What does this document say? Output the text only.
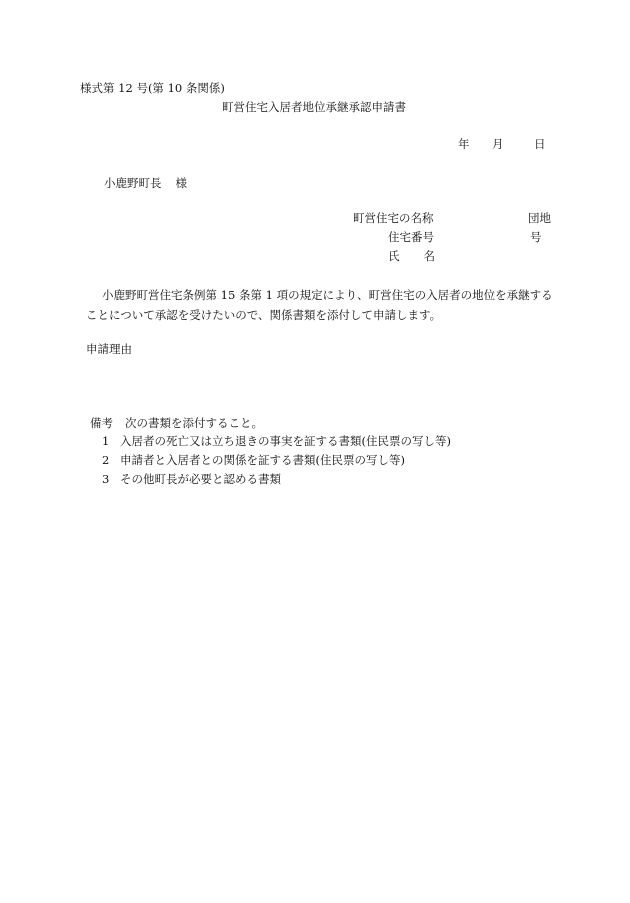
様式第 12 号(第 10 条関係)
町営住宅入居者地位承継承認申請書
年 月	日
小鹿野町長 様
町営住宅の名称	団地
住宅番号	号
氏 名
小鹿野町営住宅条例第 15 条第 1 項の規定により、町営住宅の入居者の地位を承継する
ことについて承認を受けたいので、関係書類を添付して申請します。
申請理由
備考 次の書類を添付すること。
1 入居者の死亡又は立ち退きの事実を証する書類(住民票の写し等)
2 申請者と入居者との関係を証する書類(住民票の写し等)
3 その他町長が必要と認める書類
